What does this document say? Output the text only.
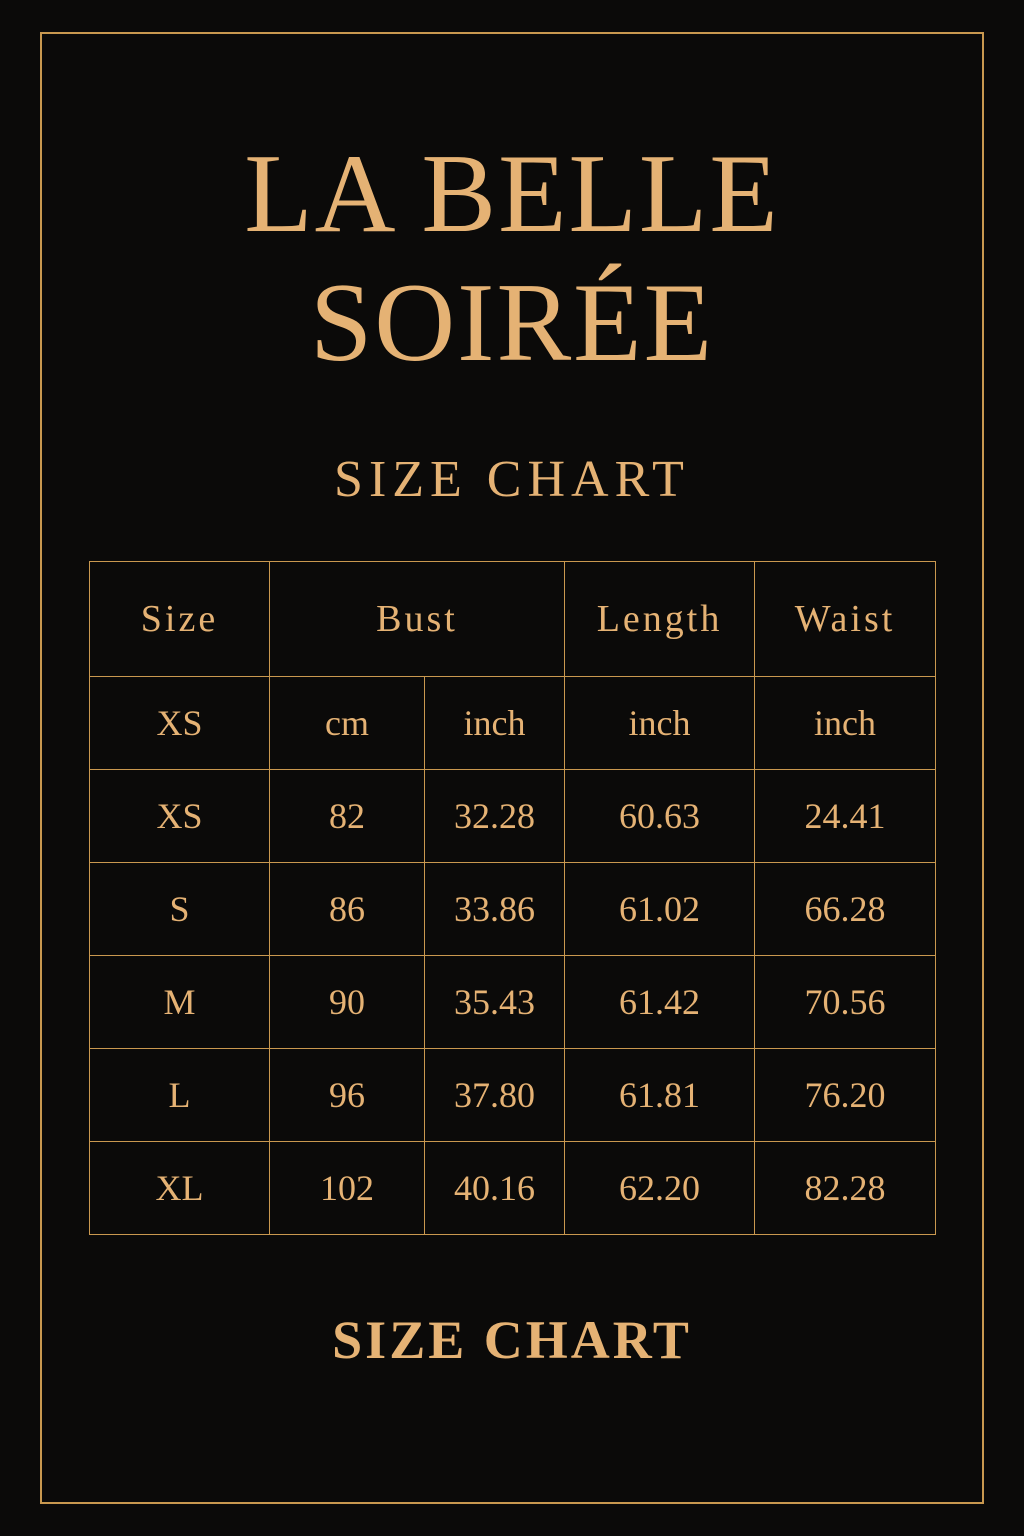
LA BELLE
SOIRÉE
SIZE CHART
Size	Bust		Length	Waist
XS	cm	inch	inch	inch
XS	82	32.28	60.63	24.41
S	86	33.86	61.02	66.28
M	90	35.43	61.42	70.56
L	96	37.80	61.81	76.20
XL	102	40.16	62.20	82.28
SIZE CHART
